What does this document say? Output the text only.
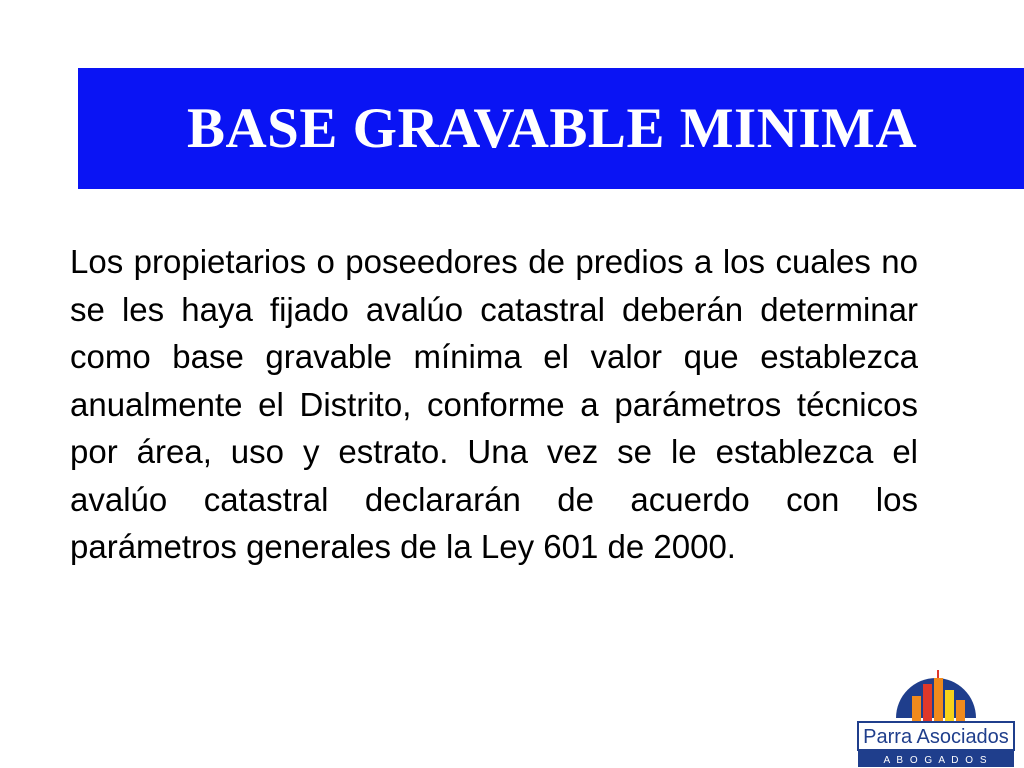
BASE GRAVABLE MINIMA

Los propietarios o poseedores de predios a los cuales no se les haya fijado avalúo catastral deberán determinar como base gravable mínima el valor que establezca anualmente el Distrito, conforme a parámetros técnicos por área, uso y estrato. Una vez se le establezca el avalúo catastral declararán de acuerdo con los parámetros generales de la Ley 601 de 2000.

Parra Asociados
A B O G A D O S
